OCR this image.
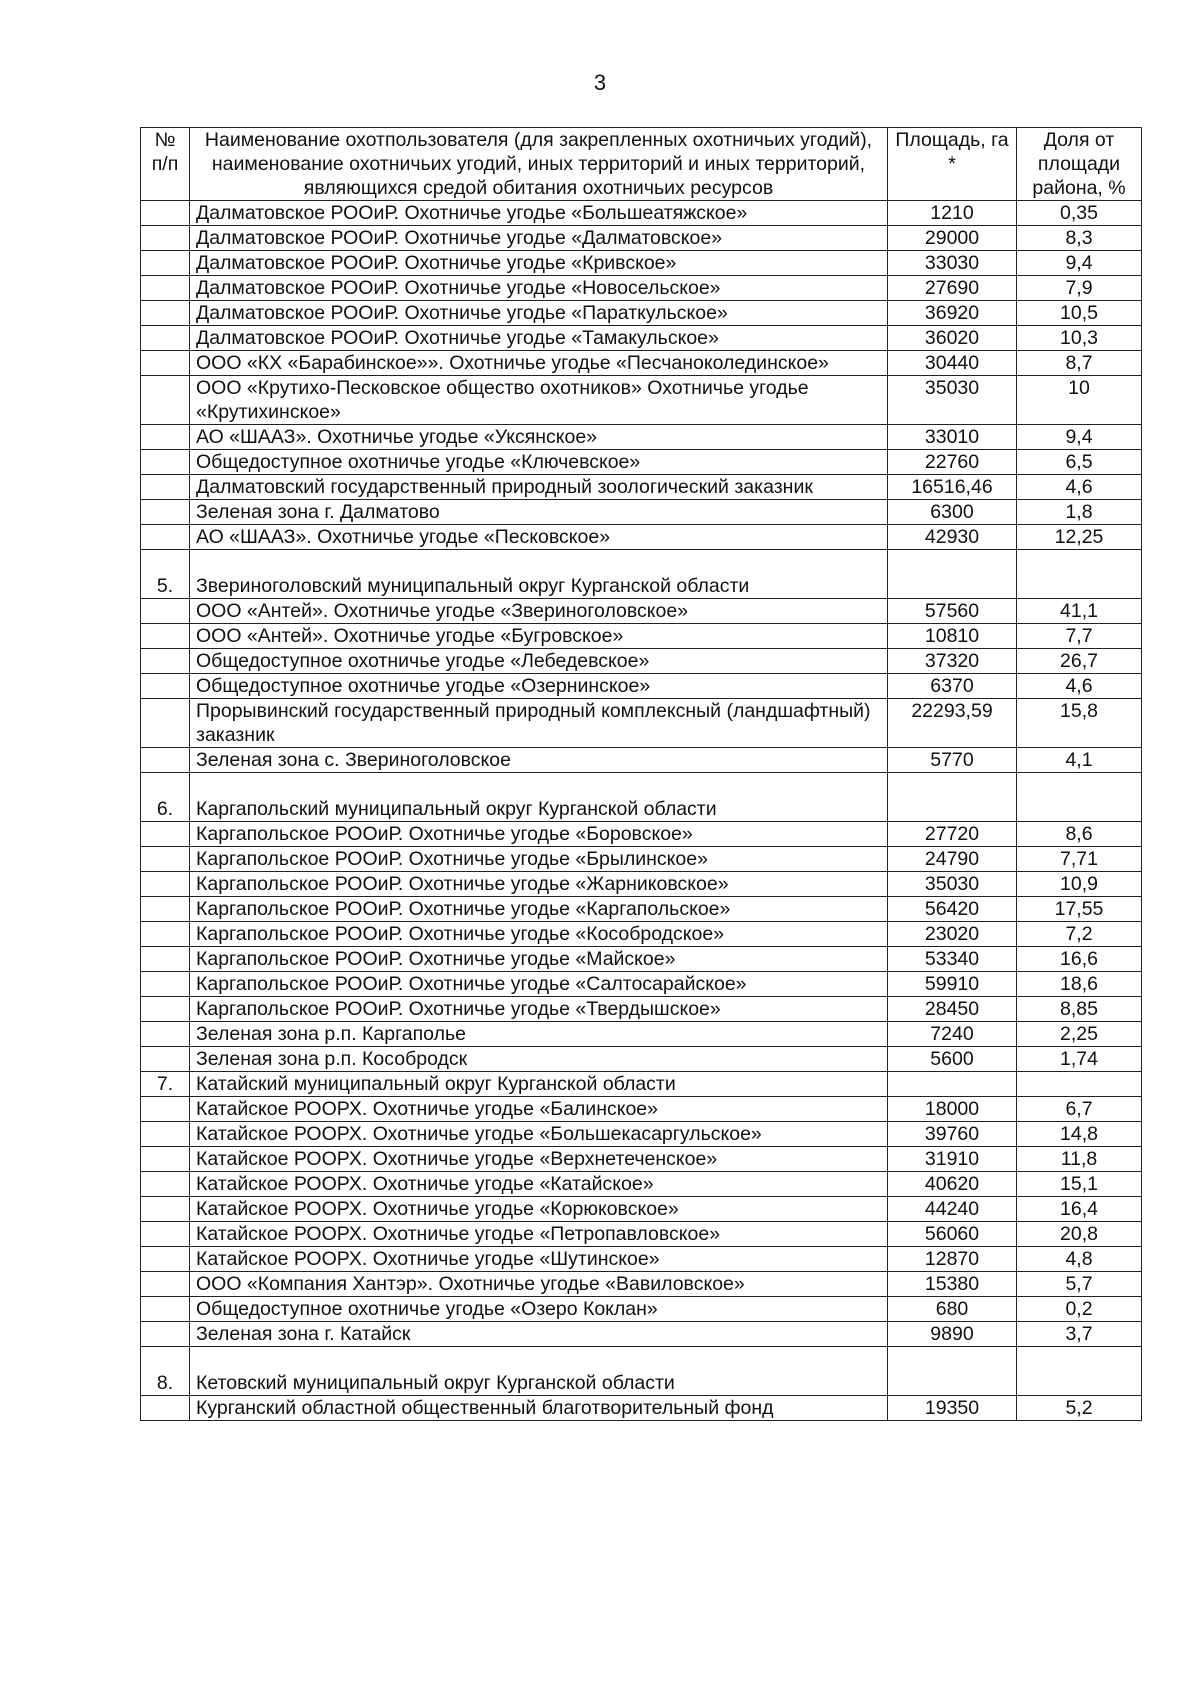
3
№ п/п	Наименование охотпользователя (для закрепленных охотничьих угодий), наименование охотничьих угодий, иных территорий и иных территорий, являющихся средой обитания охотничьих ресурсов	Площадь, га *	Доля от площади района, %
	Далматовское РООиР. Охотничье угодье «Большеатяжское»	1210	0,35
	Далматовское РООиР. Охотничье угодье «Далматовское»	29000	8,3
	Далматовское РООиР. Охотничье угодье «Кривское»	33030	9,4
	Далматовское РООиР. Охотничье угодье «Новосельское»	27690	7,9
	Далматовское РООиР. Охотничье угодье «Параткульское»	36920	10,5
	Далматовское РООиР. Охотничье угодье «Тамакульское»	36020	10,3
	ООО «КХ «Барабинское»». Охотничье угодье «Песчаноколединское»	30440	8,7
	ООО «Крутихо-Песковское общество охотников» Охотничье угодье «Крутихинское»	35030	10
	АО «ШААЗ». Охотничье угодье «Уксянское»	33010	9,4
	Общедоступное охотничье угодье «Ключевское»	22760	6,5
	Далматовский государственный природный зоологический заказник	16516,46	4,6
	Зеленая зона г. Далматово	6300	1,8
	АО «ШААЗ». Охотничье угодье «Песковское»	42930	12,25
5.	Звериноголовский муниципальный округ Курганской области		
	ООО «Антей». Охотничье угодье «Звериноголовское»	57560	41,1
	ООО «Антей». Охотничье угодье «Бугровское»	10810	7,7
	Общедоступное охотничье угодье «Лебедевское»	37320	26,7
	Общедоступное охотничье угодье «Озернинское»	6370	4,6
	Прорывинский государственный природный комплексный (ландшафтный) заказник	22293,59	15,8
	Зеленая зона с. Звериноголовское	5770	4,1
6.	Каргапольский муниципальный округ Курганской области		
	Каргапольское РООиР. Охотничье угодье «Боровское»	27720	8,6
	Каргапольское РООиР. Охотничье угодье «Брылинское»	24790	7,71
	Каргапольское РООиР. Охотничье угодье «Жарниковское»	35030	10,9
	Каргапольское РООиР. Охотничье угодье «Каргапольское»	56420	17,55
	Каргапольское РООиР. Охотничье угодье «Кособродское»	23020	7,2
	Каргапольское РООиР. Охотничье угодье «Майское»	53340	16,6
	Каргапольское РООиР. Охотничье угодье «Салтосарайское»	59910	18,6
	Каргапольское РООиР. Охотничье угодье «Твердышское»	28450	8,85
	Зеленая зона р.п. Каргаполье	7240	2,25
	Зеленая зона р.п. Кособродск	5600	1,74
7.	Катайский муниципальный округ Курганской области		
	Катайское РООРХ. Охотничье угодье «Балинское»	18000	6,7
	Катайское РООРХ. Охотничье угодье «Большекасаргульское»	39760	14,8
	Катайское РООРХ. Охотничье угодье «Верхнетеченское»	31910	11,8
	Катайское РООРХ. Охотничье угодье «Катайское»	40620	15,1
	Катайское РООРХ. Охотничье угодье «Корюковское»	44240	16,4
	Катайское РООРХ. Охотничье угодье «Петропавловское»	56060	20,8
	Катайское РООРХ. Охотничье угодье «Шутинское»	12870	4,8
	ООО «Компания Хантэр». Охотничье угодье «Вавиловское»	15380	5,7
	Общедоступное охотничье угодье «Озеро Коклан»	680	0,2
	Зеленая зона г. Катайск	9890	3,7
8.	Кетовский муниципальный округ Курганской области		
	Курганский областной общественный благотворительный фонд	19350	5,2
